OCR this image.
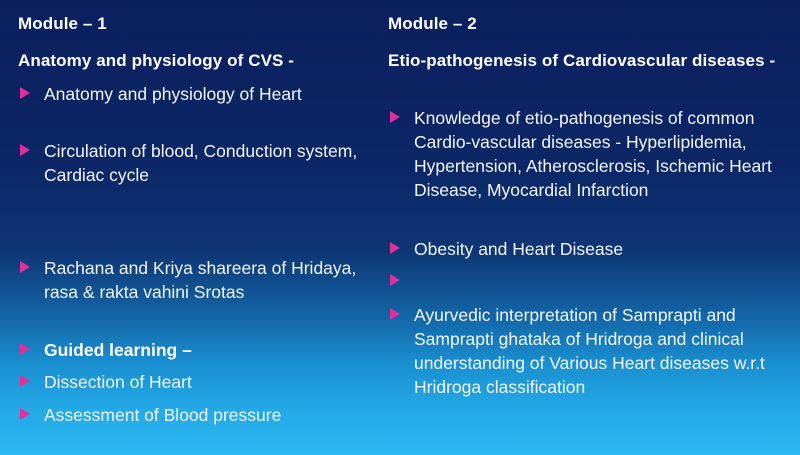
Module – 1
Anatomy and physiology of CVS -
Anatomy and physiology of Heart
Circulation of blood, Conduction system, Cardiac cycle
Rachana and Kriya shareera of Hridaya, rasa & rakta vahini Srotas
Guided learning –
Dissection of Heart
Assessment of Blood pressure
Module – 2
Etio-pathogenesis of Cardiovascular diseases -
Knowledge of etio-pathogenesis of common Cardio-vascular diseases - Hyperlipidemia, Hypertension, Atherosclerosis, Ischemic Heart Disease, Myocardial Infarction
Obesity and Heart Disease
Ayurvedic interpretation of Samprapti and Samprapti ghataka of Hridroga and clinical understanding of Various Heart diseases w.r.t Hridroga classification
